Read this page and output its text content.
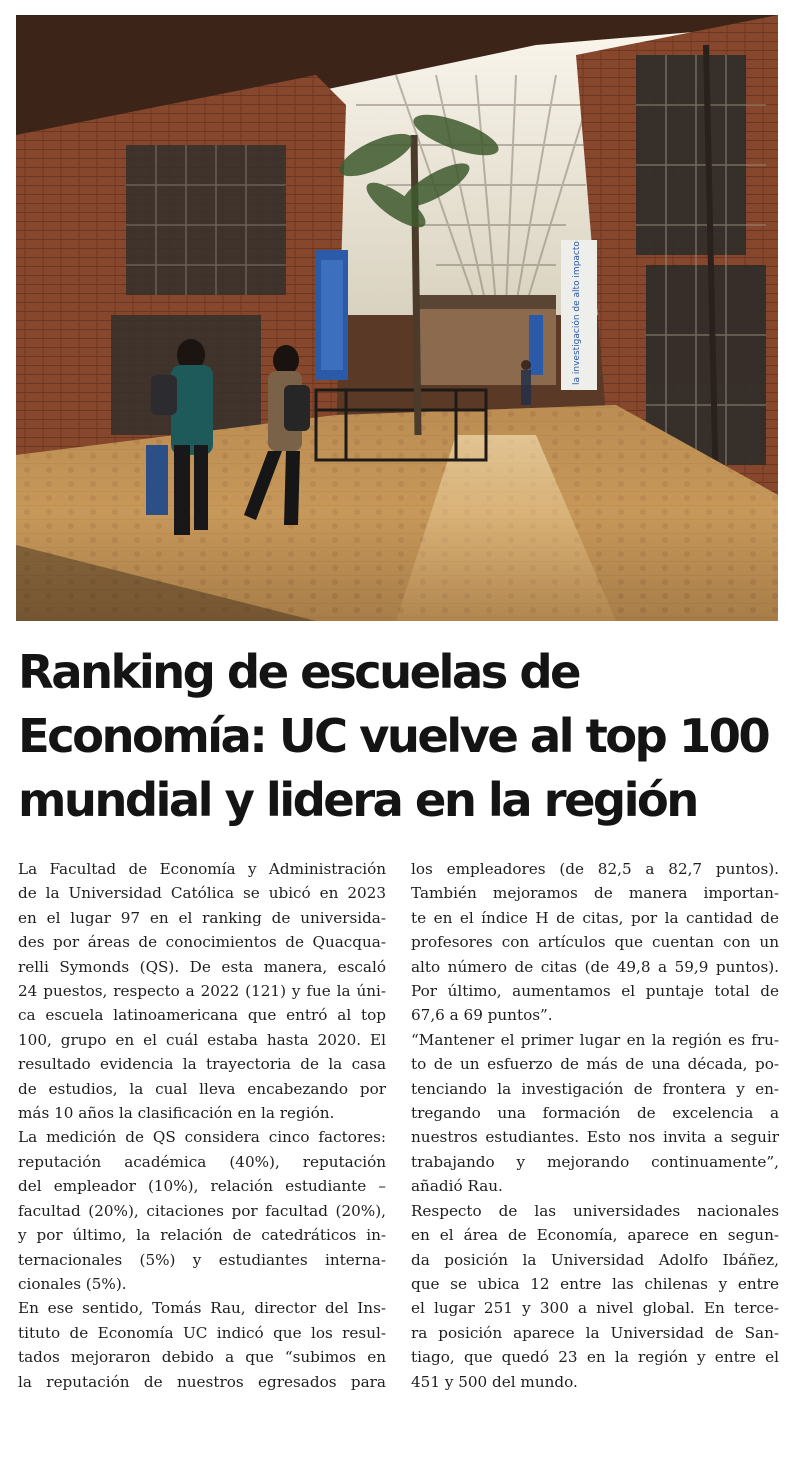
la investigación de alto impacto
Ranking de escuelas de
Economía: UC vuelve al top 100
mundial y lidera en la región

La Facultad de Economía y Administración
de la Universidad Católica se ubicó en 2023
en el lugar 97 en el ranking de universida-
des por áreas de conocimientos de Quacqua-
relli Symonds (QS). De esta manera, escaló
24 puestos, respecto a 2022 (121) y fue la úni-
ca escuela latinoamericana que entró al top
100, grupo en el cuál estaba hasta 2020. El
resultado evidencia la trayectoria de la casa
de estudios, la cual lleva encabezando por
más 10 años la clasificación en la región.

La medición de QS considera cinco factores:
reputación académica (40%), reputación
del empleador (10%), relación estudiante –
facultad (20%), citaciones por facultad (20%),
y por último, la relación de catedráticos in-
ternacionales (5%) y estudiantes interna-
cionales (5%).

En ese sentido, Tomás Rau, director del Ins-
tituto de Economía UC indicó que los resul-
tados mejoraron debido a que “subimos en
la reputación de nuestros egresados para

los empleadores (de 82,5 a 82,7 puntos).
También mejoramos de manera importan-
te en el índice H de citas, por la cantidad de
profesores con artículos que cuentan con un
alto número de citas (de 49,8 a 59,9 puntos).
Por último, aumentamos el puntaje total de
67,6 a 69 puntos”.

“Mantener el primer lugar en la región es fru-
to de un esfuerzo de más de una década, po-
tenciando la investigación de frontera y en-
tregando una formación de excelencia a
nuestros estudiantes. Esto nos invita a seguir
trabajando y mejorando continuamente”,
añadió Rau.

Respecto de las universidades nacionales
en el área de Economía, aparece en segun-
da posición la Universidad Adolfo Ibáñez,
que se ubica 12 entre las chilenas y entre
el lugar 251 y 300 a nivel global. En terce-
ra posición aparece la Universidad de San-
tiago, que quedó 23 en la región y entre el
451 y 500 del mundo.
